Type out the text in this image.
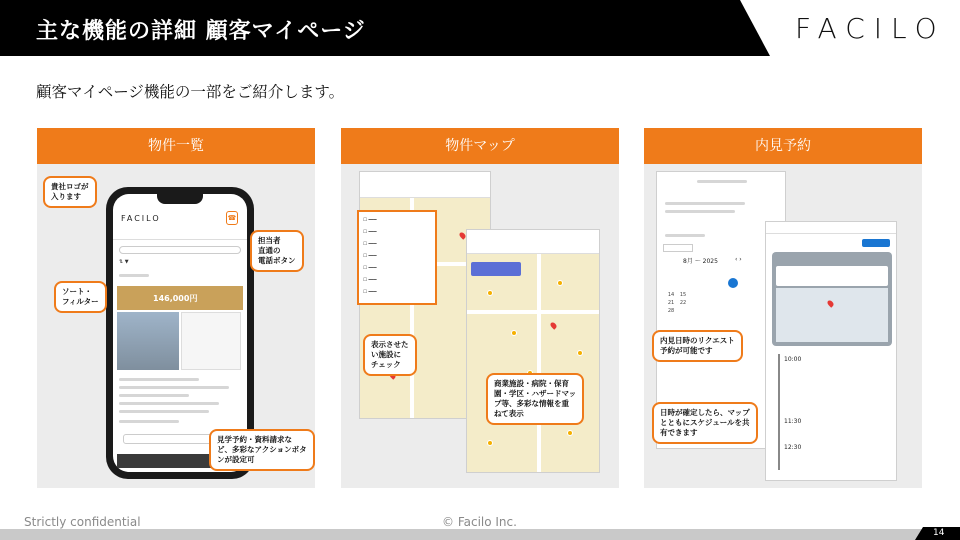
主な機能の詳細 顧客マイページ	FACILO
顧客マイページ機能の一部をご紹介します。
物件一覧
FACILO	☎
⇅ ▼
146,000円
貴社ロゴが
入ります
担当者
直通の
電話ボタン
ソート・
フィルター
見学予約・資料請求な
ど、多彩なアクションボタ
ンが設定可
物件マップ
☐ ━━━
☐ ━━━
☐ ━━━
☐ ━━━
☐ ━━━
☐ ━━━
☐ ━━━
表示させた
い施設に
チェック
商業施設・病院・保育
園・学区・ハザードマッ
プ等、多彩な情報を重
ねて表示
内見予約
8月 ～ 2025	‹ ›
14	15
21	22
28
10:00
11:30
12:30
内見日時のリクエスト
予約が可能です
日時が確定したら、マップ
とともにスケジュールを共
有できます
Strictly confidential	© Facilo Inc.
14
